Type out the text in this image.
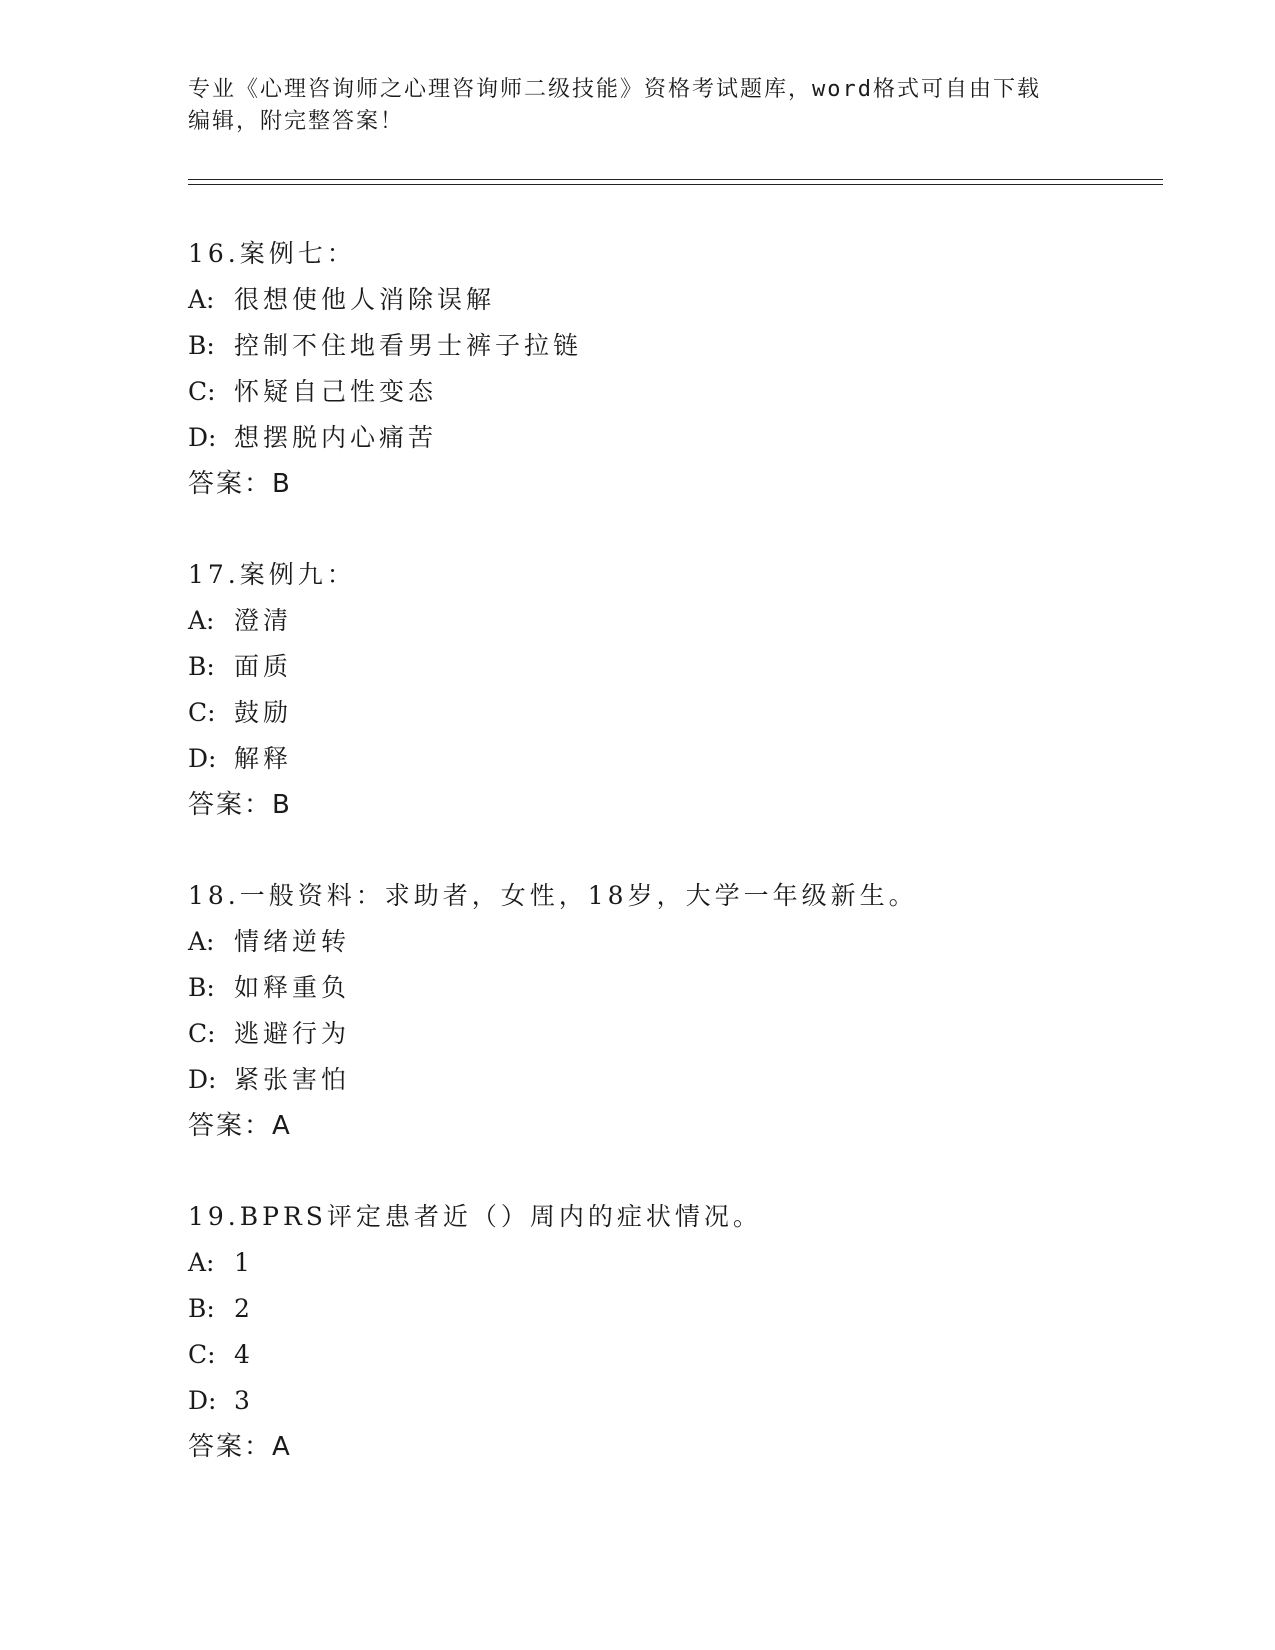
专业《心理咨询师之心理咨询师二级技能》资格考试题库，word格式可自由下载
编辑，附完整答案！
16.案例七：
A: 很想使他人消除误解
B: 控制不住地看男士裤子拉链
C: 怀疑自己性变态
D: 想摆脱内心痛苦
答案：B
17.案例九：
A: 澄清
B: 面质
C: 鼓励
D: 解释
答案：B
18.一般资料：求助者，女性，18岁，大学一年级新生。
A: 情绪逆转
B: 如释重负
C: 逃避行为
D: 紧张害怕
答案：A
19.BPRS评定患者近（）周内的症状情况。
A: 1
B: 2
C: 4
D: 3
答案：A
